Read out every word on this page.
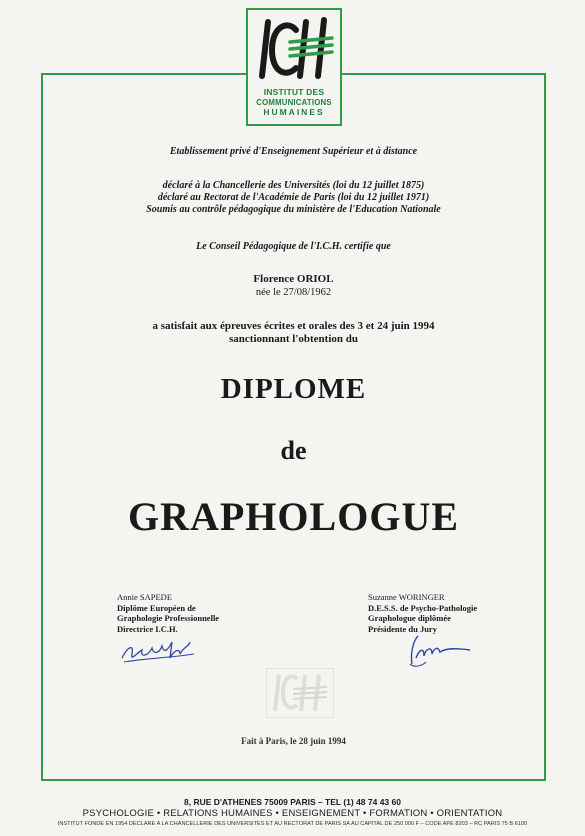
INSTITUT DES
COMMUNICATIONS
HUMAINES
Etablissement privé d'Enseignement Supérieur et à distance
déclaré à la Chancellerie des Universités (loi du 12 juillet 1875)
déclaré au Rectorat de l'Académie de Paris (loi du 12 juillet 1971)
Soumis au contrôle pédagogique du ministère de l'Education Nationale
Le Conseil Pédagogique de l'I.C.H. certifie que
Florence ORIOL
née le 27/08/1962
a satisfait aux épreuves écrites et orales des 3 et 24 juin 1994
sanctionnant l'obtention du
DIPLOME
de
GRAPHOLOGUE
Annie SAPEDE
Diplôme Européen de
Graphologie Professionnelle
Directrice I.C.H.
Suzanne WORINGER
D.E.S.S. de Psycho-Pathologie
Graphologue diplômée
Présidente du Jury
Fait à Paris, le 28 juin 1994
8, RUE D'ATHENES 75009 PARIS – TEL (1) 48 74 43 60
PSYCHOLOGIE • RELATIONS HUMAINES • ENSEIGNEMENT • FORMATION • ORIENTATION
INSTITUT FONDE EN 1954 DECLARE A LA CHANCELLERIE DES UNIVERSITES ET AU RECTORAT DE PARIS SA AU CAPITAL DE 250 000 F – CODE APE 8203 – RC PARIS 75 B 6100
